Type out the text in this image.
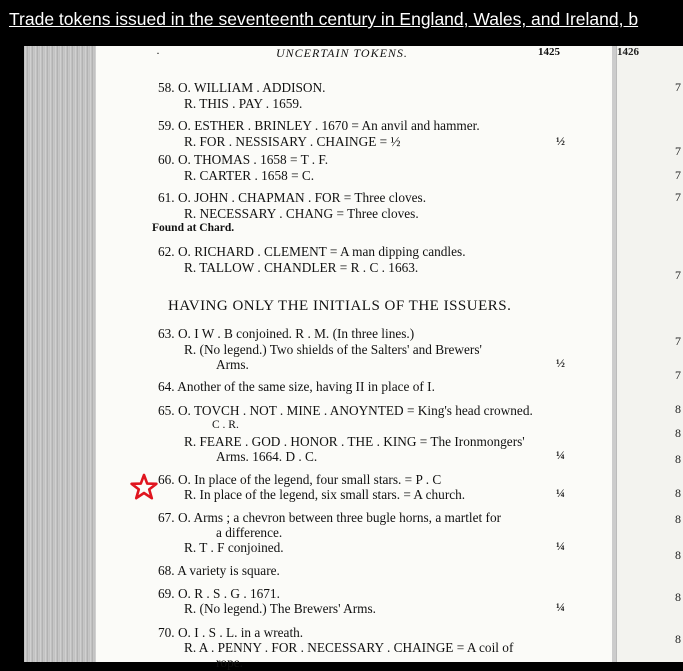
Trade tokens issued in the seventeenth century in England, Wales, and Ireland, b
·	UNCERTAIN TOKENS.	1425
58. O. WILLIAM . ADDISON.
R. THIS . PAY . 1659.
59. O. ESTHER . BRINLEY . 1670 = An anvil and hammer.
R. FOR . NESSISARY . CHAINGE = ½	½
60. O. THOMAS . 1658 = T . F.
R. CARTER . 1658 = C.
61. O. JOHN . CHAPMAN . FOR = Three cloves.
R. NECESSARY . CHANG = Three cloves.
Found at Chard.
62. O. RICHARD . CLEMENT = A man dipping candles.
R. TALLOW . CHANDLER = R . C . 1663.
HAVING ONLY THE INITIALS OF THE ISSUERS.
63. O. I W . B conjoined. R . M. (In three lines.)
R. (No legend.) Two shields of the Salters' and Brewers'
Arms.	½
64. Another of the same size, having II in place of I.
65. O. TOVCH . NOT . MINE . ANOYNTED = King's head crowned.
C . R.
R. FEARE . GOD . HONOR . THE . KING = The Ironmongers'
Arms. 1664. D . C.	¼
66. O. In place of the legend, four small stars. = P . C
R. In place of the legend, six small stars. = A church.	¼
67. O. Arms ; a chevron between three bugle horns, a martlet for
a difference.
R. T . F conjoined.	¼
68. A variety is square.
69. O. R . S . G . 1671.
R. (No legend.) The Brewers' Arms.	¼
70. O. I . S . L. in a wreath.
R. A . PENNY . FOR . NECESSARY . CHAINGE = A coil of
rope.
1426
7
7
7
7
7
7
7
8
8
8
8
8
8
8
8
